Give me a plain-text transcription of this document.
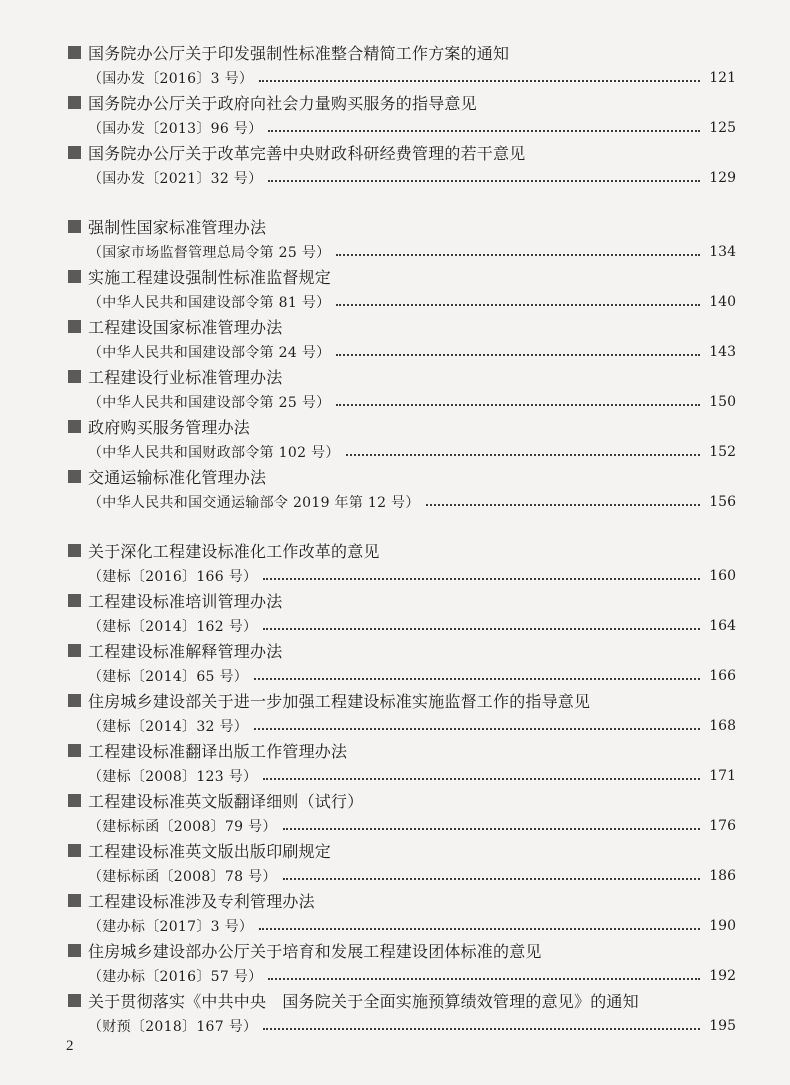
国务院办公厅关于印发强制性标准整合精简工作方案的通知
（国办发〔2016〕3 号）	121
国务院办公厅关于政府向社会力量购买服务的指导意见
（国办发〔2013〕96 号）	125
国务院办公厅关于改革完善中央财政科研经费管理的若干意见
（国办发〔2021〕32 号）	129
强制性国家标准管理办法
（国家市场监督管理总局令第 25 号）	134
实施工程建设强制性标准监督规定
（中华人民共和国建设部令第 81 号）	140
工程建设国家标准管理办法
（中华人民共和国建设部令第 24 号）	143
工程建设行业标准管理办法
（中华人民共和国建设部令第 25 号）	150
政府购买服务管理办法
（中华人民共和国财政部令第 102 号）	152
交通运输标准化管理办法
（中华人民共和国交通运输部令 2019 年第 12 号）	156
关于深化工程建设标准化工作改革的意见
（建标〔2016〕166 号）	160
工程建设标准培训管理办法
（建标〔2014〕162 号）	164
工程建设标准解释管理办法
（建标〔2014〕65 号）	166
住房城乡建设部关于进一步加强工程建设标准实施监督工作的指导意见
（建标〔2014〕32 号）	168
工程建设标准翻译出版工作管理办法
（建标〔2008〕123 号）	171
工程建设标准英文版翻译细则（试行）
（建标标函〔2008〕79 号）	176
工程建设标准英文版出版印刷规定
（建标标函〔2008〕78 号）	186
工程建设标准涉及专利管理办法
（建办标〔2017〕3 号）	190
住房城乡建设部办公厅关于培育和发展工程建设团体标准的意见
（建办标〔2016〕57 号）	192
关于贯彻落实《中共中央　国务院关于全面实施预算绩效管理的意见》的通知
（财预〔2018〕167 号）	195
2
